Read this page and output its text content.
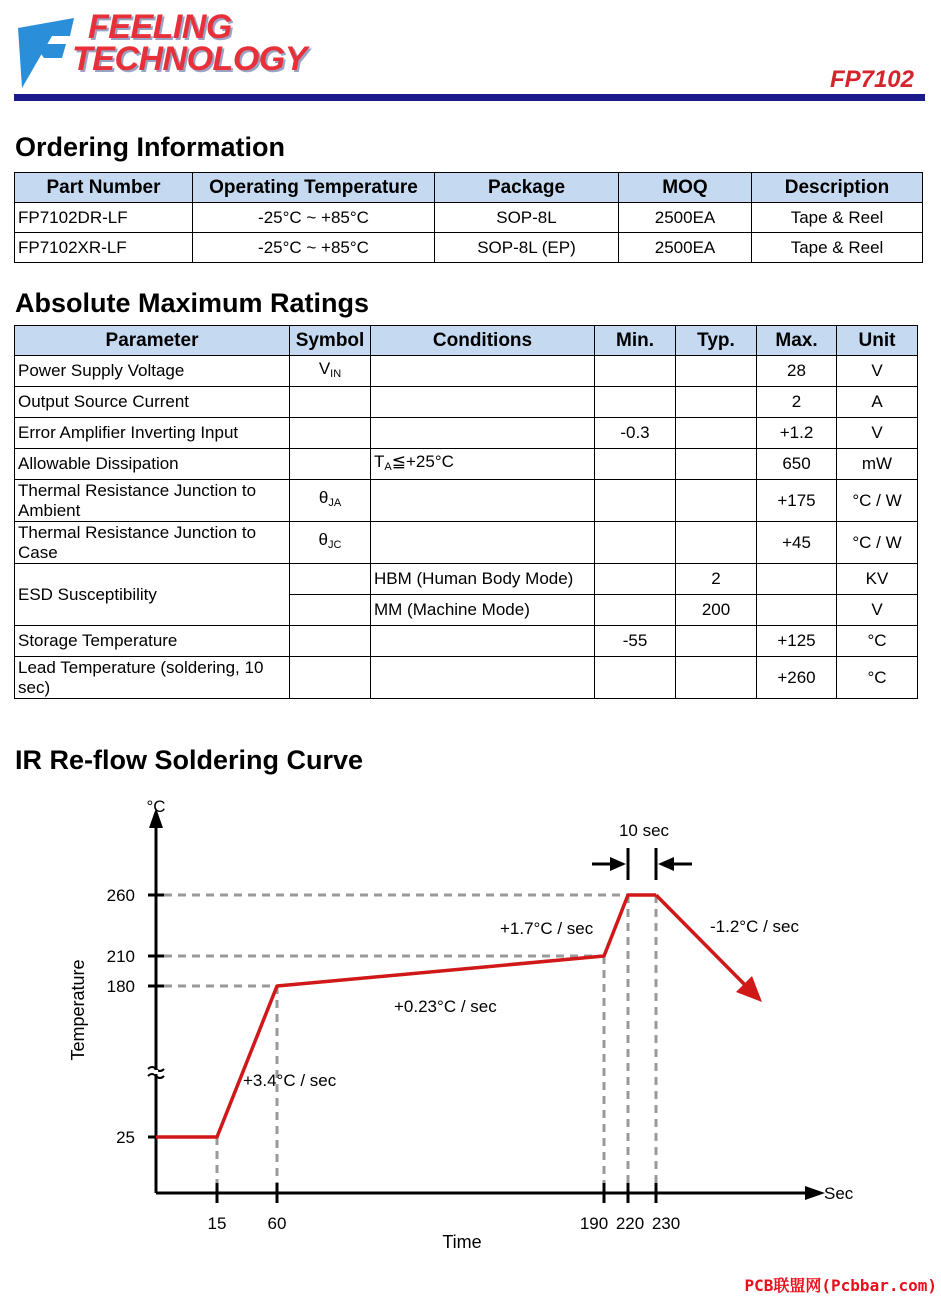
FEELING
TECHNOLOGY
FP7102
Ordering Information
Part Number	Operating Temperature	Package	MOQ	Description
FP7102DR-LF	-25°C ~ +85°C	SOP-8L	2500EA	Tape & Reel
FP7102XR-LF	-25°C ~ +85°C	SOP-8L (EP)	2500EA	Tape & Reel
Absolute Maximum Ratings
Parameter	Symbol	Conditions	Min.	Typ.	Max.	Unit
Power Supply Voltage	$V_{IN}$				28	V
Output Source Current					2	A
Error Amplifier Inverting Input			-0.3		+1.2	V
Allowable Dissipation		$T_A≦+25^\circ C$			650	mW
Thermal Resistance Junction to Ambient	$\theta_{JA}$				+175	°C / W
Thermal Resistance Junction to Case	$\theta_{JC}$				+45	°C / W
ESD Susceptibility		HBM (Human Body Mode)		2		KV
		MM (Machine Mode)		200		V
Storage Temperature			-55		+125	°C
Lead Temperature (soldering, 10 sec)					+260	°C
IR Re-flow Soldering Curve
°C
Temperature
Sec
Time
260
210
180
25
15 60	190 220 230
10 sec
+3.4°C / sec
+0.23°C / sec
+1.7°C / sec	-1.2°C / sec
PCB联盟网(Pcbbar.com)
